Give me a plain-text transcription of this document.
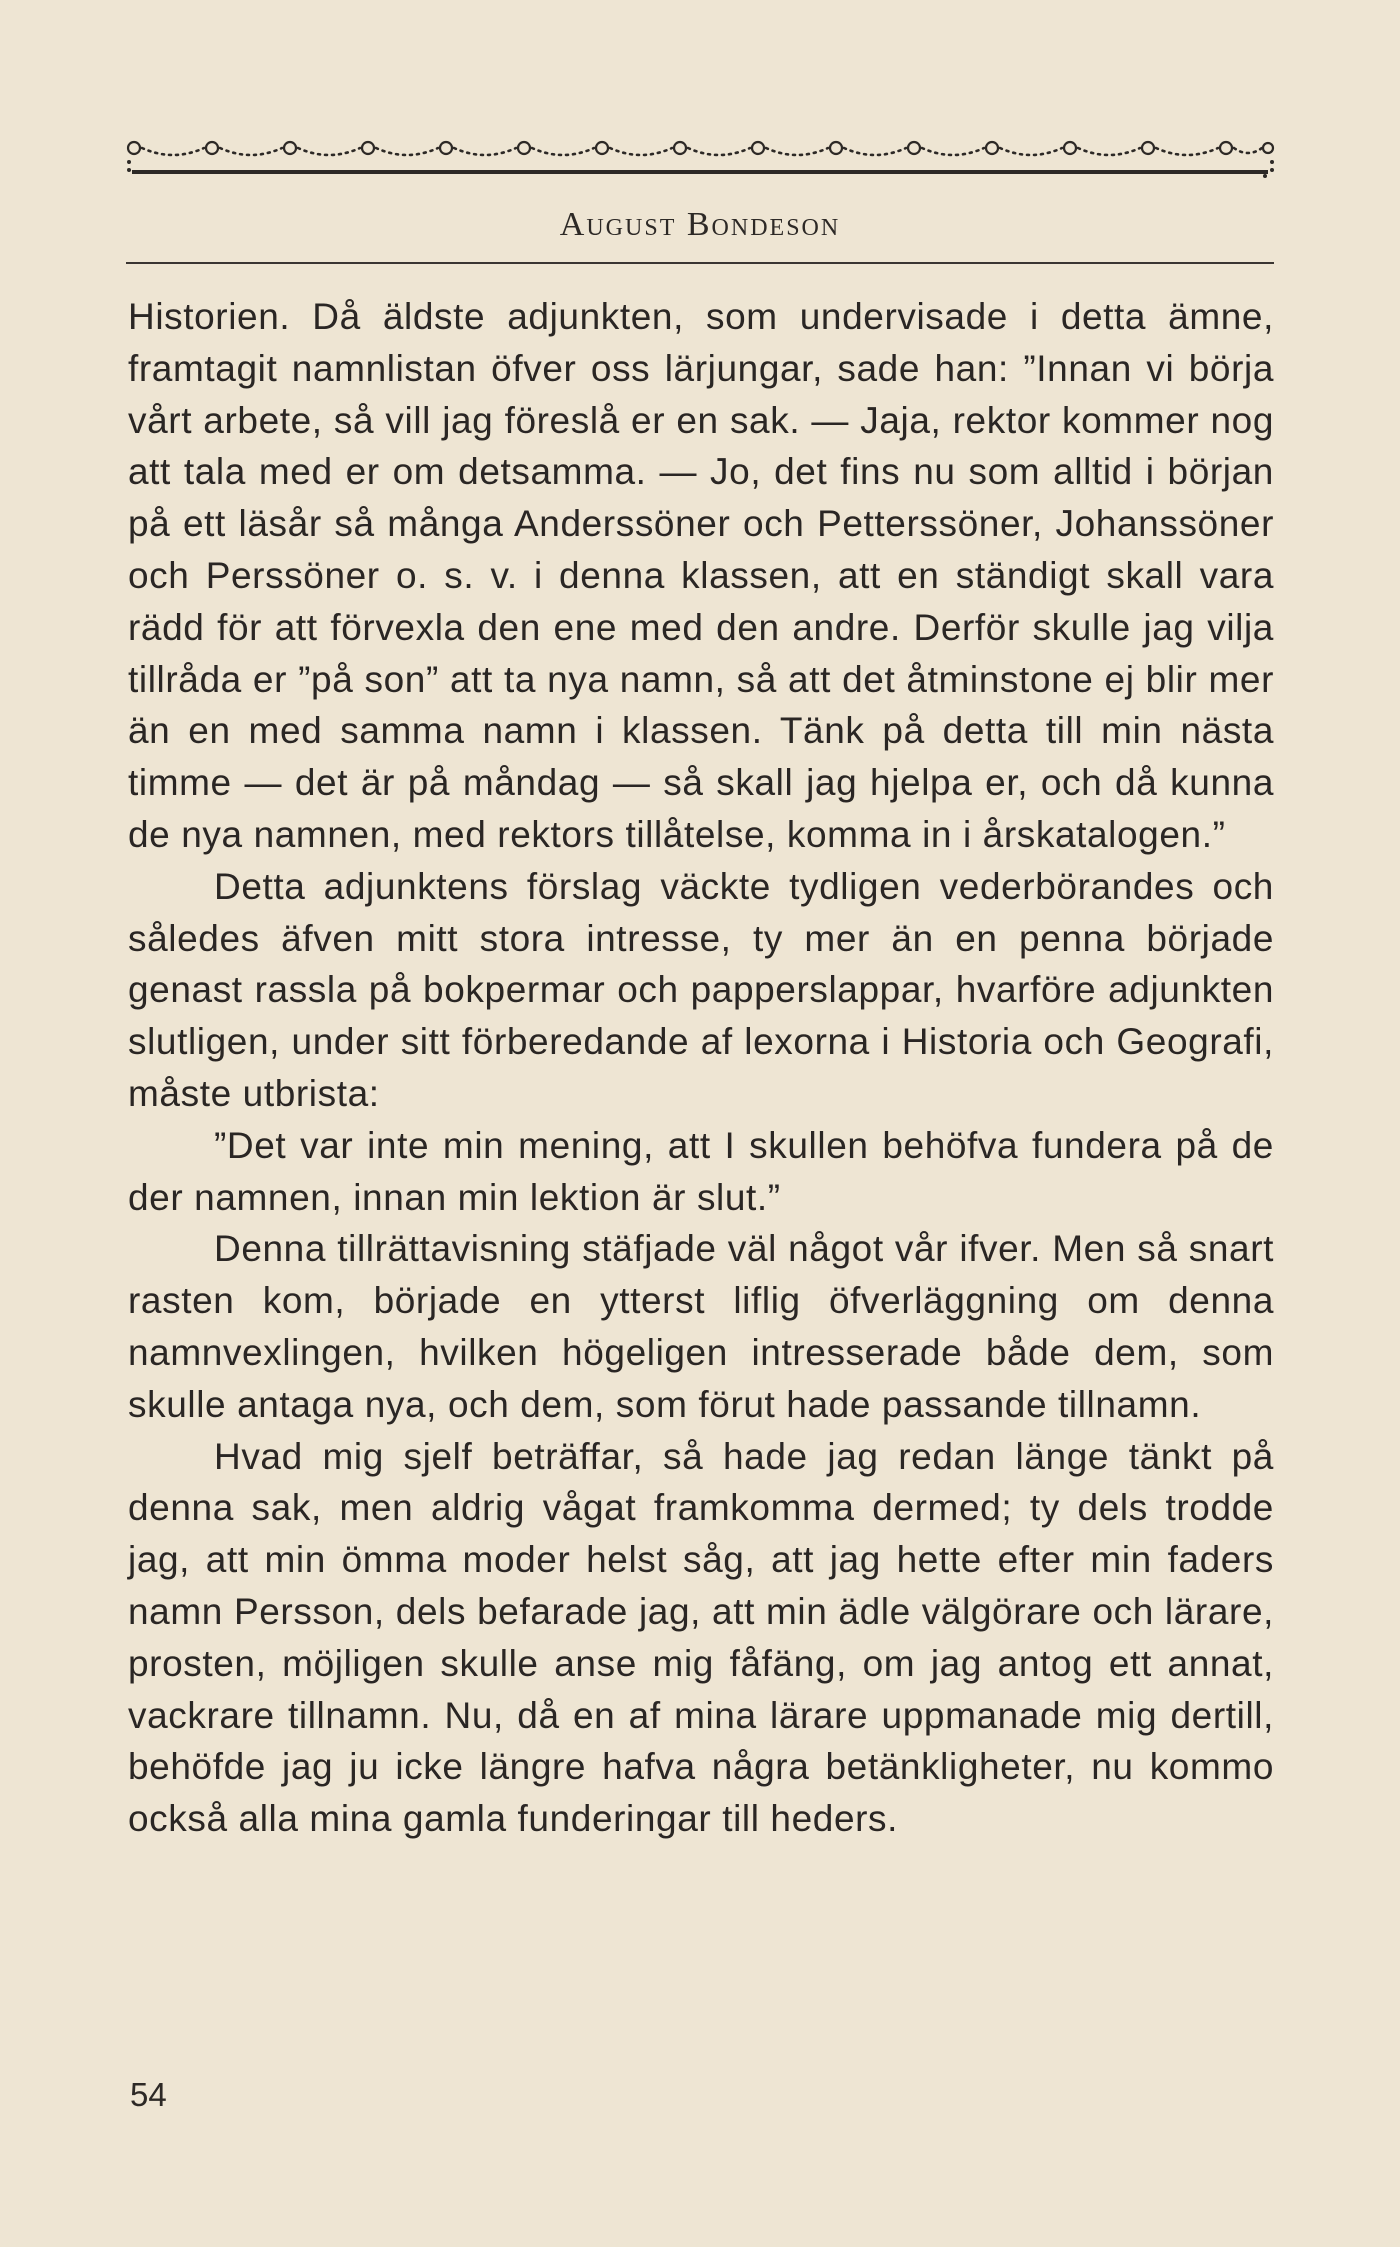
August Bondeson

Historien. Då äldste adjunkten, som undervisade i detta ämne, framtagit namnlistan öfver oss lärjungar, sade han: ”Innan vi börja vårt arbete, så vill jag föreslå er en sak. — Jaja, rektor kommer nog att tala med er om detsamma. — Jo, det fins nu som alltid i början på ett läsår så många Anderssöner och Petterssöner, Johanssöner och Perssöner o. s. v. i denna klassen, att en ständigt skall vara rädd för att förvexla den ene med den andre. Derför skulle jag vilja tillråda er ”på son” att ta nya namn, så att det åtminstone ej blir mer än en med samma namn i klassen. Tänk på detta till min nästa timme — det är på måndag — så skall jag hjelpa er, och då kunna de nya namnen, med rektors tillåtelse, komma in i årskatalogen.”

Detta adjunktens förslag väckte tydligen vederbörandes och således äfven mitt stora intresse, ty mer än en penna började genast rassla på bokpermar och papperslappar, hvarföre adjunkten slutligen, under sitt förberedande af lexorna i Historia och Geografi, måste utbrista:

”Det var inte min mening, att I skullen behöfva fundera på de der namnen, innan min lektion är slut.”

Denna tillrättavisning stäfjade väl något vår ifver. Men så snart rasten kom, började en ytterst liflig öfverläggning om denna namnvexlingen, hvilken högeligen intresserade både dem, som skulle antaga nya, och dem, som förut hade passande tillnamn.

Hvad mig sjelf beträffar, så hade jag redan länge tänkt på denna sak, men aldrig vågat framkomma dermed; ty dels trodde jag, att min ömma moder helst såg, att jag hette efter min faders namn Persson, dels befarade jag, att min ädle välgörare och lärare, prosten, möjligen skulle anse mig fåfäng, om jag antog ett annat, vackrare tillnamn. Nu, då en af mina lärare uppmanade mig dertill, behöfde jag ju icke längre hafva några betänkligheter, nu kommo också alla mina gamla funderingar till heders.

54
